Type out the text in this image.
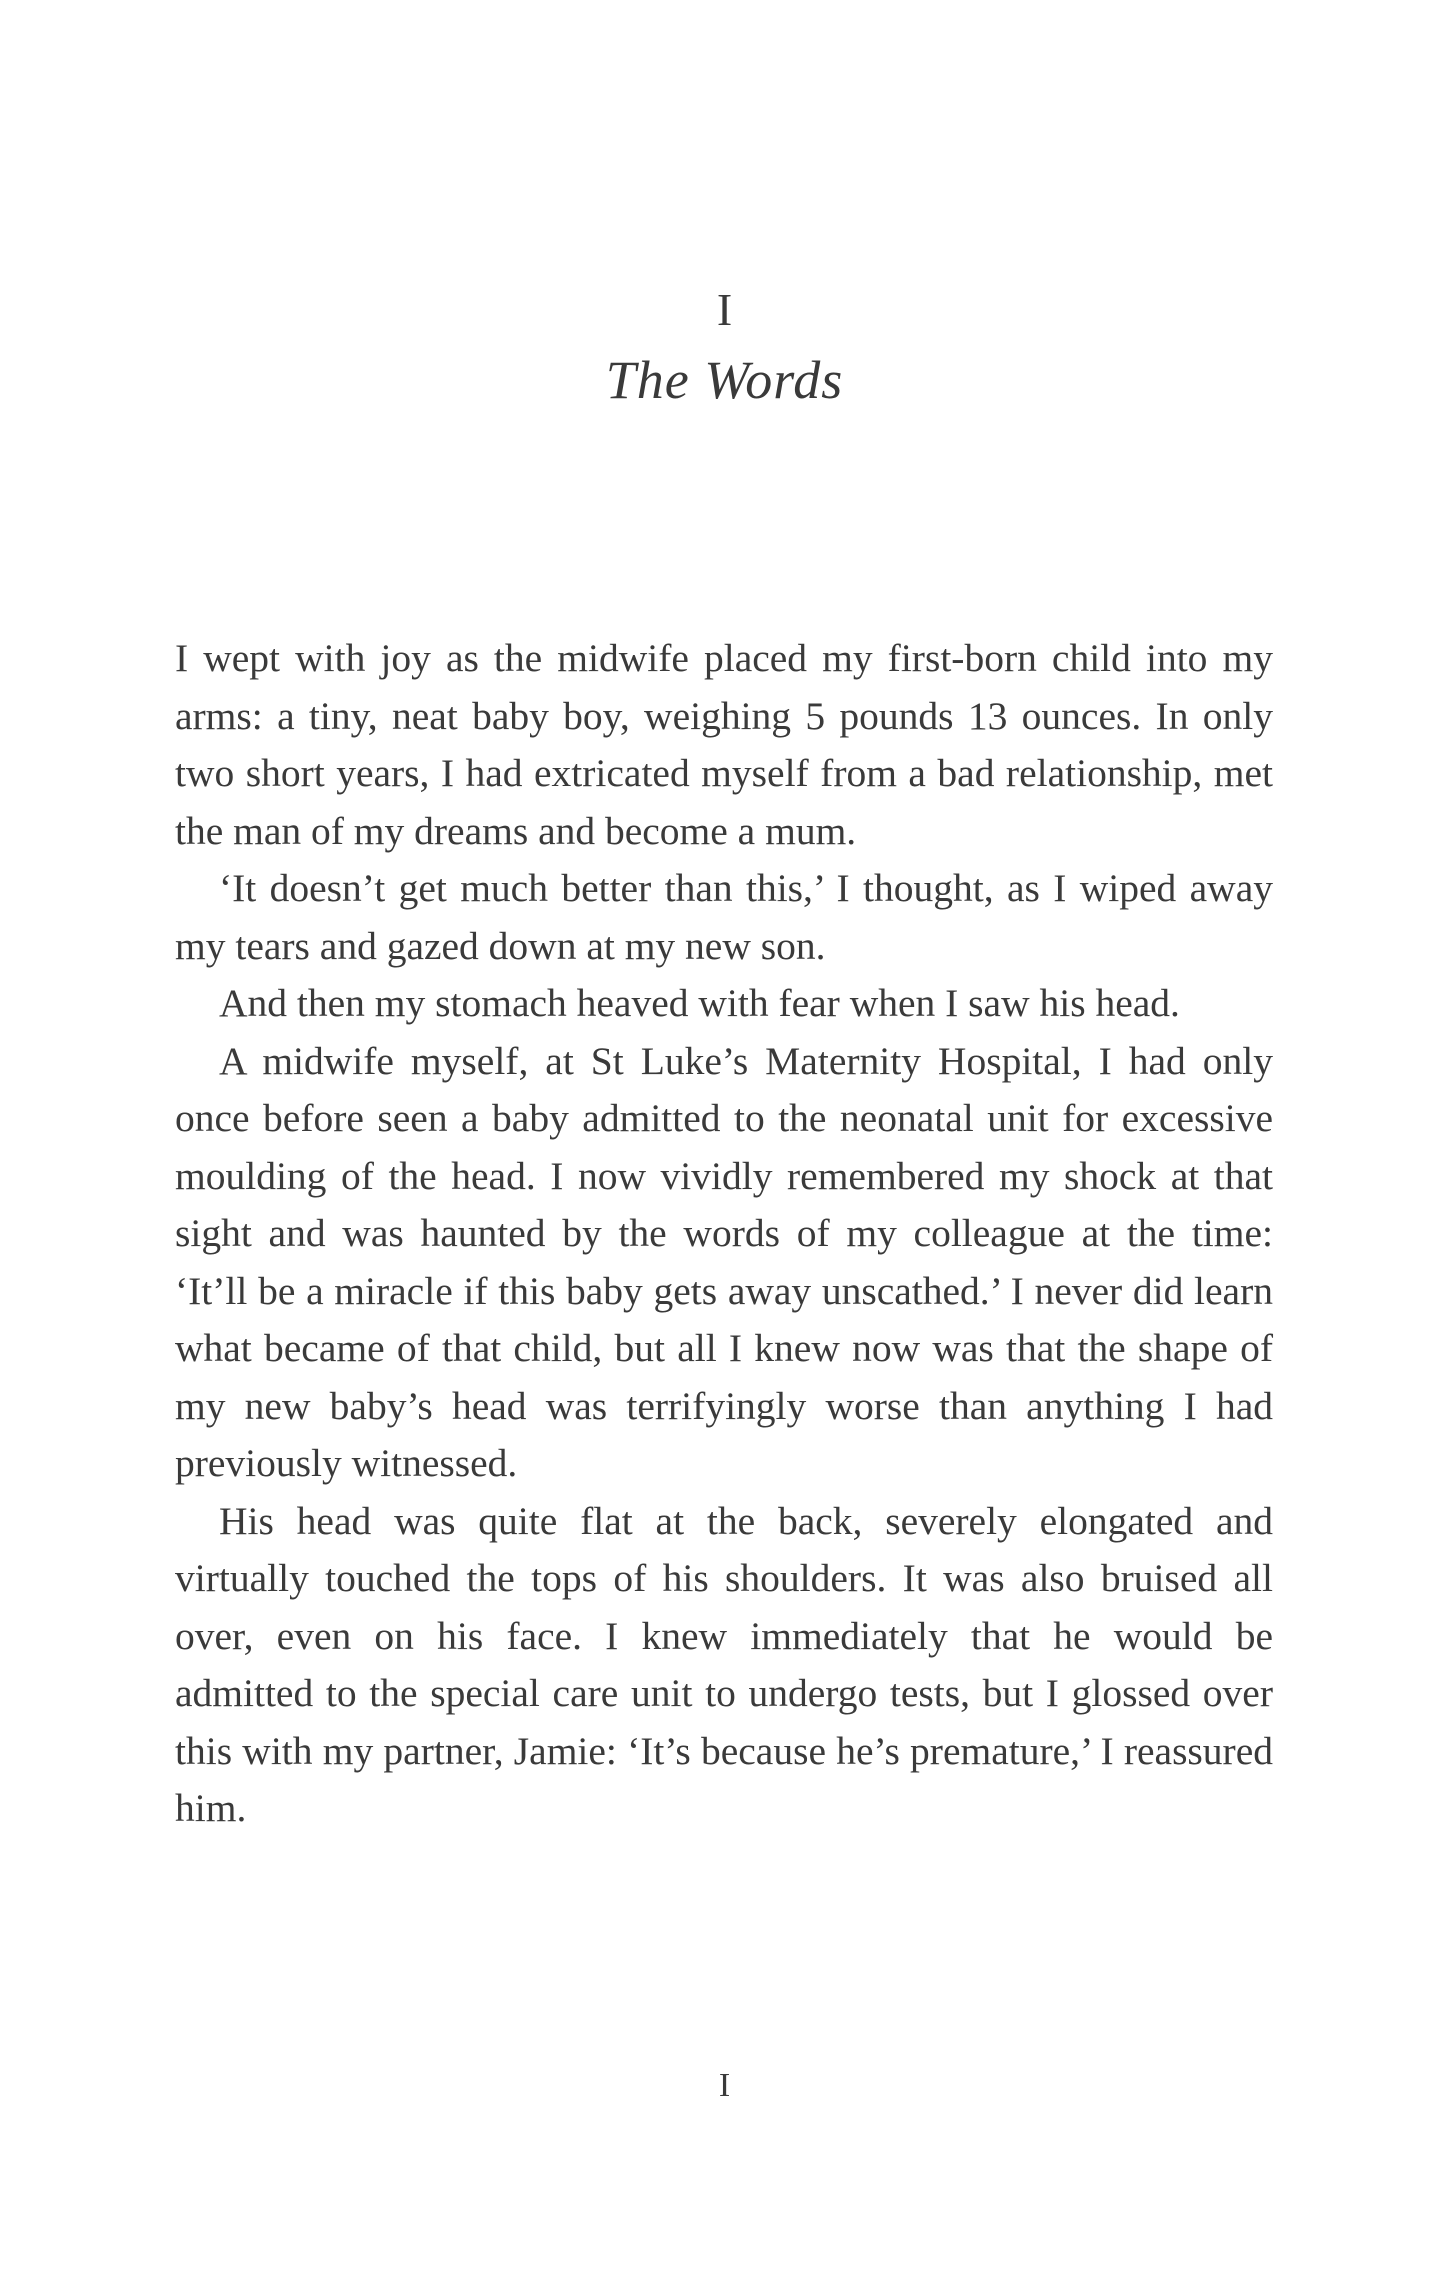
I
The Words

I wept with joy as the midwife placed my first-born child into my arms: a tiny, neat baby boy, weighing 5 pounds 13 ounces. In only two short years, I had extricated myself from a bad relationship, met the man of my dreams and become a mum.

‘It doesn’t get much better than this,’ I thought, as I wiped away my tears and gazed down at my new son.

And then my stomach heaved with fear when I saw his head.

A midwife myself, at St Luke’s Maternity Hospital, I had only once before seen a baby admitted to the neonatal unit for excessive moulding of the head. I now vividly remembered my shock at that sight and was haunted by the words of my colleague at the time: ‘It’ll be a miracle if this baby gets away unscathed.’ I never did learn what became of that child, but all I knew now was that the shape of my new baby’s head was terrifyingly worse than anything I had previously witnessed.

His head was quite flat at the back, severely elongated and virtually touched the tops of his shoulders. It was also bruised all over, even on his face. I knew immediately that he would be admitted to the special care unit to undergo tests, but I glossed over this with my partner, Jamie: ‘It’s because he’s premature,’ I reassured him.

I
